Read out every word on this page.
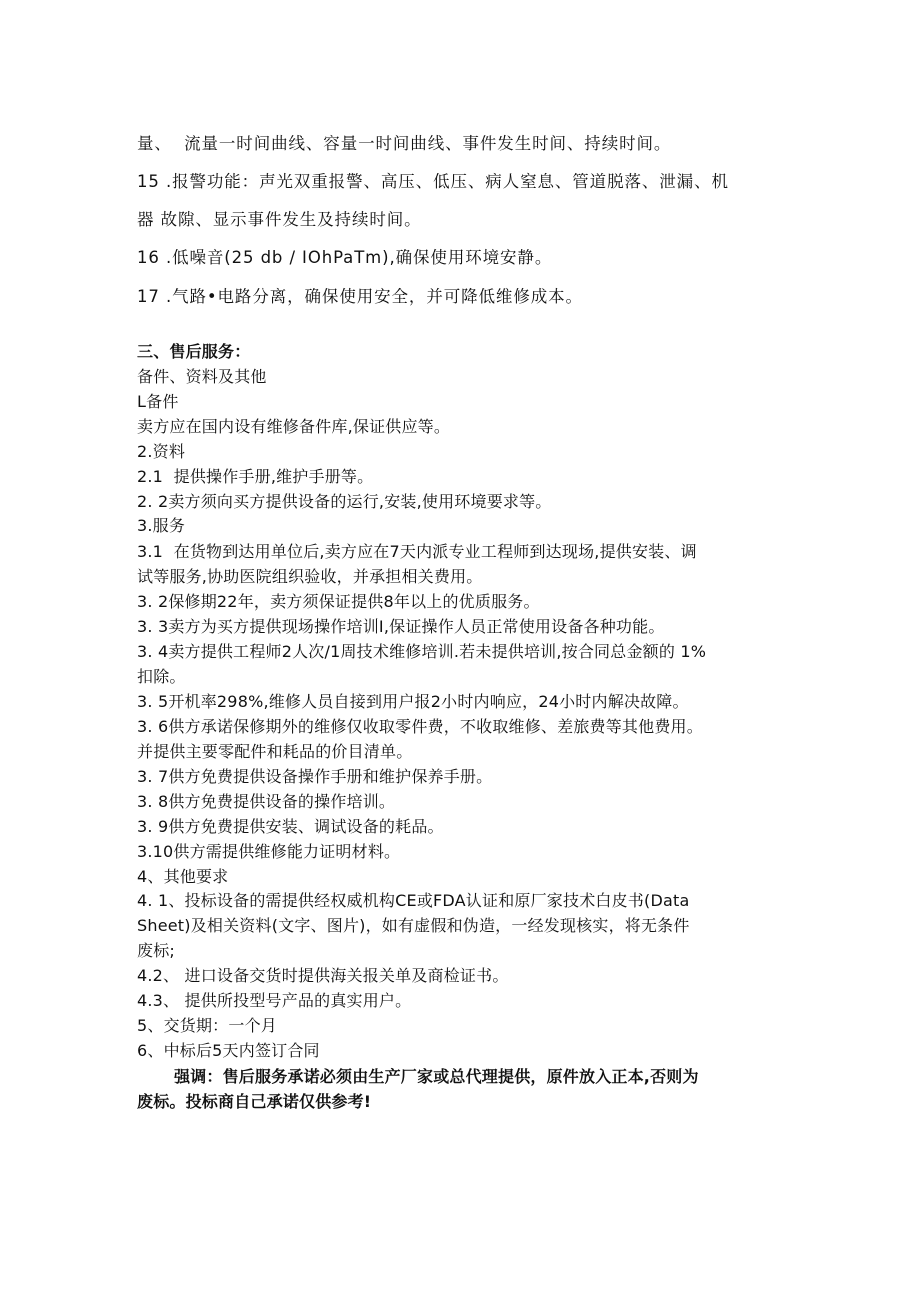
量、  流量一时间曲线、容量一时间曲线、事件发生时间、持续时间。
15 .报警功能：声光双重报警、高压、低压、病人窒息、管道脱落、泄漏、机
器 故隙、显示事件发生及持续时间。
16 .低噪音(25 db / IOhPaTm),确保使用环境安静。
17 .气路•电路分离，确保使用安全，并可降低维修成本。
三、售后服务：
备件、资料及其他
L备件
卖方应在国内设有维修备件库,保证供应等。
2.资料
2.1  提供操作手册,维护手册等。
2. 2卖方须向买方提供设备的运行,安装,使用环境要求等。
3.服务
3.1  在货物到达用单位后,卖方应在7天内派专业工程师到达现场,提供安装、调
试等服务,协助医院组织验收，并承担相关费用。
3. 2保修期22年，卖方须保证提供8年以上的优质服务。
3. 3卖方为买方提供现场操作培训I,保证操作人员正常使用设备各种功能。
3. 4卖方提供工程师2人次/1周技术维修培训.若未提供培训,按合同总金额的 1%
扣除。
3. 5开机率298%,维修人员自接到用户报2小时内响应，24小时内解决故障。
3. 6供方承诺保修期外的维修仅收取零件费，不收取维修、差旅费等其他费用。
并提供主要零配件和耗品的价目清单。
3. 7供方免费提供设备操作手册和维护保养手册。
3. 8供方免费提供设备的操作培训。
3. 9供方免费提供安装、调试设备的耗品。
3.10供方需提供维修能力证明材料。
4、其他要求
4. 1、投标设备的需提供经权威机构CE或FDA认证和原厂家技术白皮书(Data
Sheet)及相关资料(文字、图片)，如有虚假和伪造，一经发现核实，将无条件
废标;
4.2、 进口设备交货时提供海关报关单及商检证书。
4.3、 提供所投型号产品的真实用户。
5、交货期：一个月
6、中标后5天内签订合同
强调：售后服务承诺必须由生产厂家或总代理提供，原件放入正本,否则为
废标。投标商自己承诺仅供参考!
